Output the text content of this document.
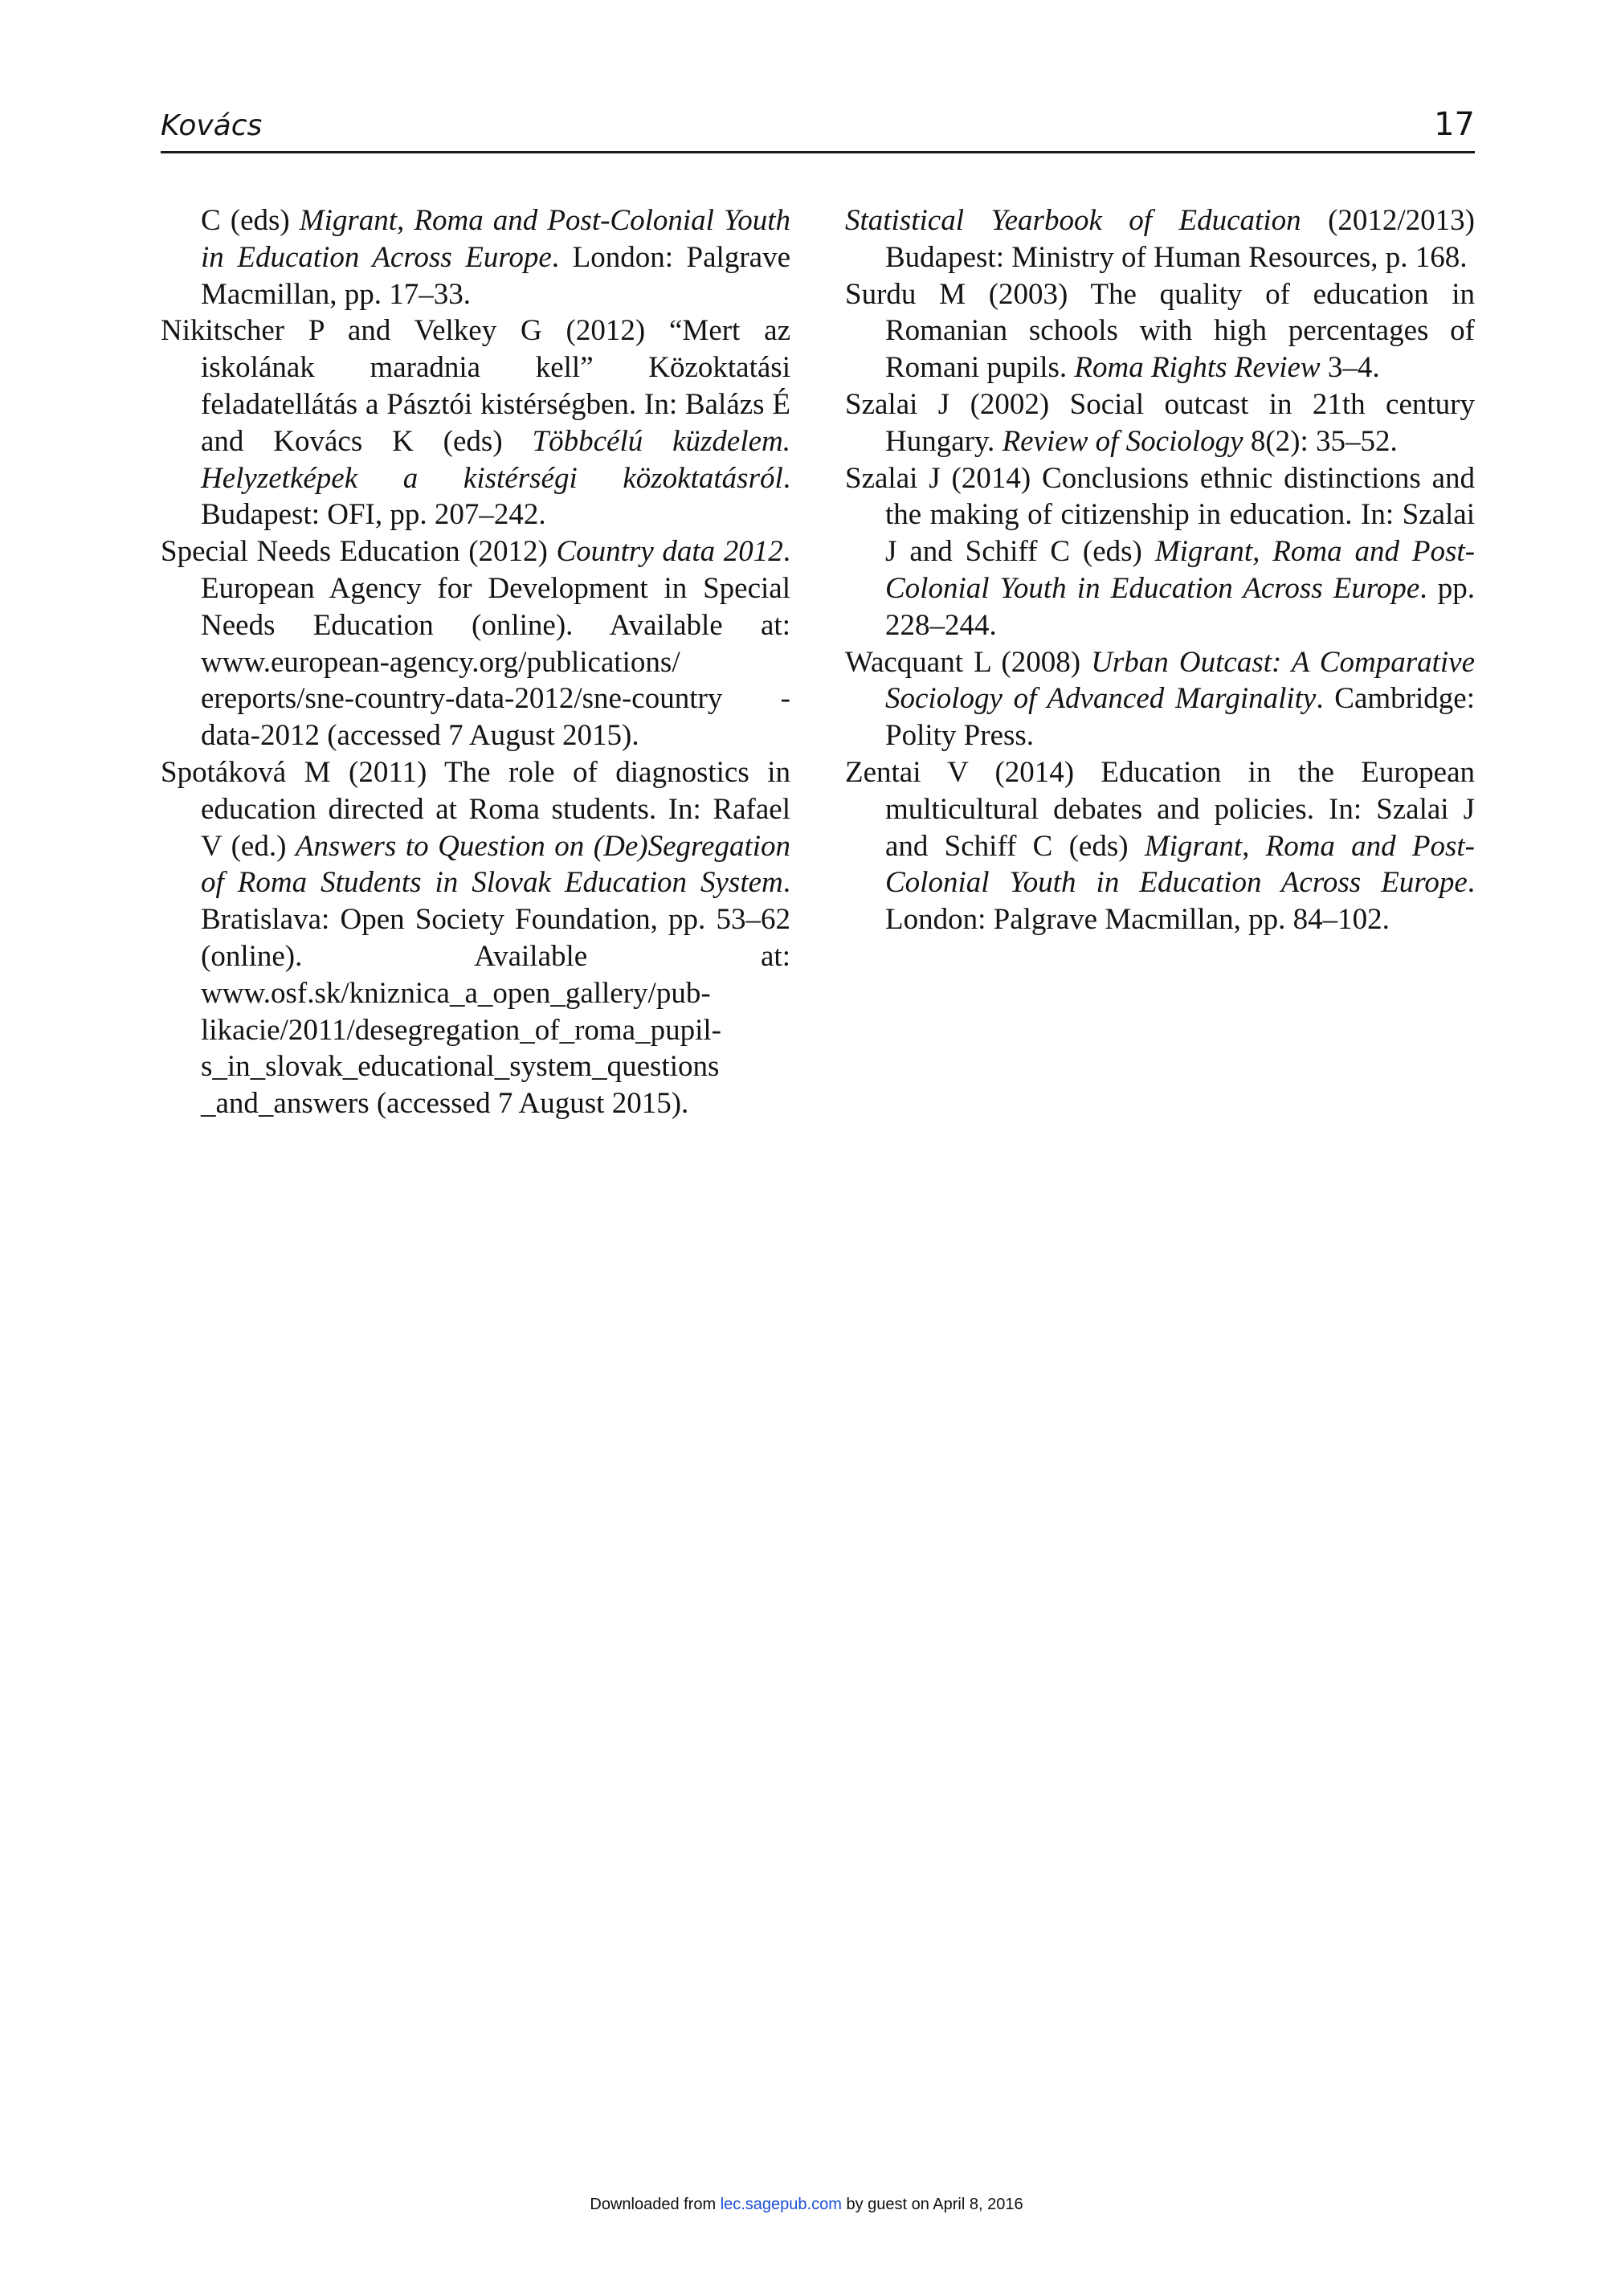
Kovács	17

C (eds) Migrant, Roma and Post-Colonial Youth in Education Across Europe. London: Palgrave Macmillan, pp. 17–33.

Nikitscher P and Velkey G (2012) “Mert az iskolának maradnia kell” Közoktatási feladatellátás a Pásztói kistérségben. In: Balázs É and Kovács K (eds) Többcélú küzdelem. Helyzetképek a kistérségi közoktatásról. Budapest: OFI, pp. 207–242.

Special Needs Education (2012) Country data 2012. European Agency for Development in Special Needs Education (online). Available at: www.european-agency.org/publications/ ereports/sne-country-data-2012/sne-country -data-2012 (accessed 7 August 2015).

Spotáková M (2011) The role of diagnostics in education directed at Roma students. In: Rafael V (ed.) Answers to Question on (De)Segregation of Roma Students in Slovak Education System. Bratislava: Open Society Foundation, pp. 53–62 (online). Available at: www.osf.sk/kniznica_a_open_gallery/pub- likacie/2011/desegregation_of_roma_pupil- s_in_slovak_educational_system_questions _and_answers (accessed 7 August 2015).

Statistical Yearbook of Education (2012/2013) Budapest: Ministry of Human Resources, p. 168.

Surdu M (2003) The quality of education in Romanian schools with high percentages of Romani pupils. Roma Rights Review 3–4.

Szalai J (2002) Social outcast in 21th century Hungary. Review of Sociology 8(2): 35–52.

Szalai J (2014) Conclusions ethnic distinctions and the making of citizenship in education. In: Szalai J and Schiff C (eds) Migrant, Roma and Post-Colonial Youth in Education Across Europe. pp. 228–244.

Wacquant L (2008) Urban Outcast: A Comparative Sociology of Advanced Marginality. Cambridge: Polity Press.

Zentai V (2014) Education in the European multicultural debates and policies. In: Szalai J and Schiff C (eds) Migrant, Roma and Post-Colonial Youth in Education Across Europe. London: Palgrave Macmillan, pp. 84–102.

Downloaded from lec.sagepub.com by guest on April 8, 2016
